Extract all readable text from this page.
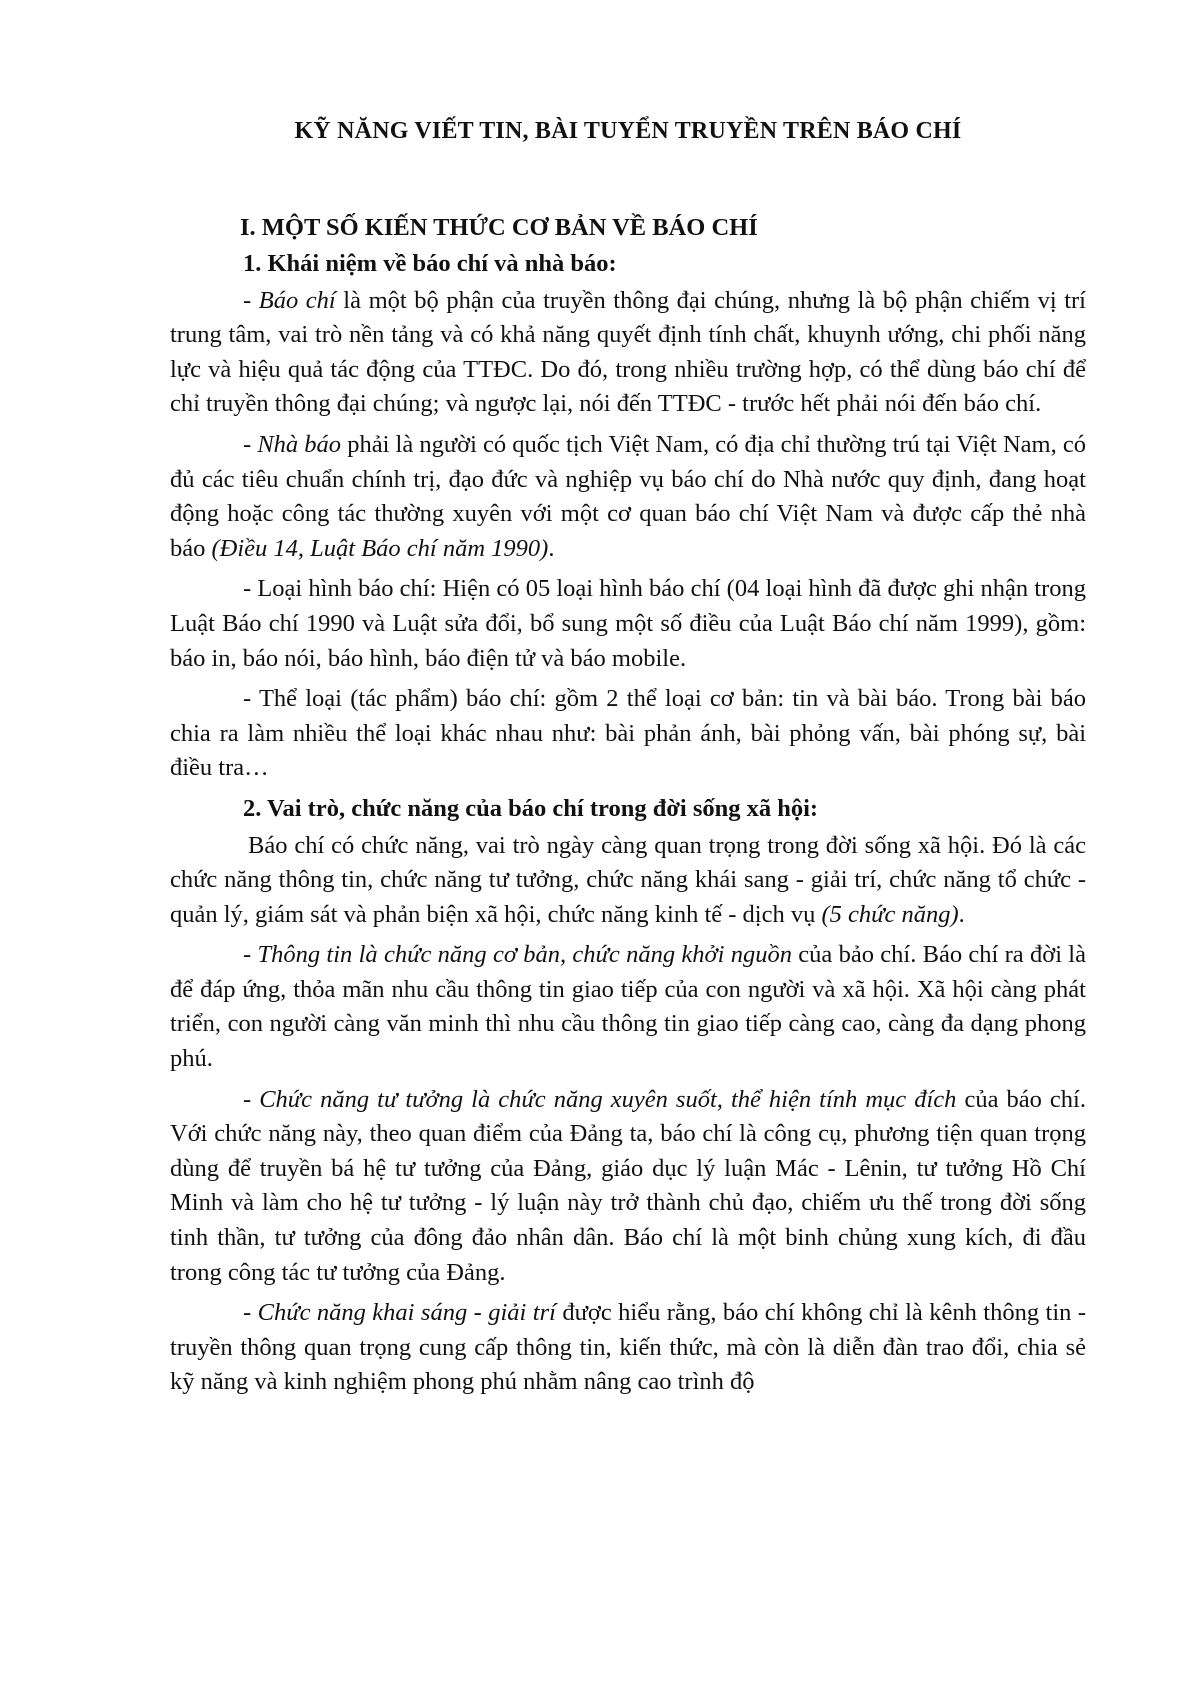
KỸ NĂNG VIẾT TIN, BÀI TUYỂN TRUYỀN TRÊN BÁO CHÍ
I. MỘT SỐ KIẾN THỨC CƠ BẢN VỀ BÁO CHÍ

1. Khái niệm về báo chí và nhà báo:

- Báo chí là một bộ phận của truyền thông đại chúng, nhưng là bộ phận chiếm vị trí trung tâm, vai trò nền tảng và có khả năng quyết định tính chất, khuynh ướng, chi phối năng lực và hiệu quả tác động của TTĐC. Do đó, trong nhiều trường hợp, có thể dùng báo chí để chỉ truyền thông đại chúng; và ngược lại, nói đến TTĐC - trước hết phải nói đến báo chí.

- Nhà báo phải là người có quốc tịch Việt Nam, có địa chỉ thường trú tại Việt Nam, có đủ các tiêu chuẩn chính trị, đạo đức và nghiệp vụ báo chí do Nhà nước quy định, đang hoạt động hoặc công tác thường xuyên với một cơ quan báo chí Việt Nam và được cấp thẻ nhà báo (Điều 14, Luật Báo chí năm 1990).

- Loại hình báo chí: Hiện có 05 loại hình báo chí (04 loại hình đã được ghi nhận trong Luật Báo chí 1990 và Luật sửa đổi, bổ sung một số điều của Luật Báo chí năm 1999), gồm: báo in, báo nói, báo hình, báo điện tử và báo mobile.

- Thể loại (tác phẩm) báo chí: gồm 2 thể loại cơ bản: tin và bài báo. Trong bài báo chia ra làm nhiều thể loại khác nhau như: bài phản ánh, bài phỏng vấn, bài phóng sự, bài điều tra…

2. Vai trò, chức năng của báo chí trong đời sống xã hội:

Báo chí có chức năng, vai trò ngày càng quan trọng trong đời sống xã hội. Đó là các chức năng thông tin, chức năng tư tưởng, chức năng khái sang - giải trí, chức năng tổ chức - quản lý, giám sát và phản biện xã hội, chức năng kinh tế - dịch vụ (5 chức năng).

- Thông tin là chức năng cơ bản, chức năng khởi nguồn của bảo chí. Báo chí ra đời là để đáp ứng, thỏa mãn nhu cầu thông tin giao tiếp của con người và xã hội. Xã hội càng phát triển, con người càng văn minh thì nhu cầu thông tin giao tiếp càng cao, càng đa dạng phong phú.

- Chức năng tư tưởng là chức năng xuyên suốt, thể hiện tính mục đích của báo chí. Với chức năng này, theo quan điểm của Đảng ta, báo chí là công cụ, phương tiện quan trọng dùng để truyền bá hệ tư tưởng của Đảng, giáo dục lý luận Mác - Lênin, tư tưởng Hồ Chí Minh và làm cho hệ tư tưởng - lý luận này trở thành chủ đạo, chiếm ưu thế trong đời sống tinh thần, tư tưởng của đông đảo nhân dân. Báo chí là một binh chủng xung kích, đi đầu trong công tác tư tưởng của Đảng.

- Chức năng khai sáng - giải trí được hiểu rằng, báo chí không chỉ là kênh thông tin - truyền thông quan trọng cung cấp thông tin, kiến thức, mà còn là diễn đàn trao đổi, chia sẻ kỹ năng và kinh nghiệm phong phú nhằm nâng cao trình độ
